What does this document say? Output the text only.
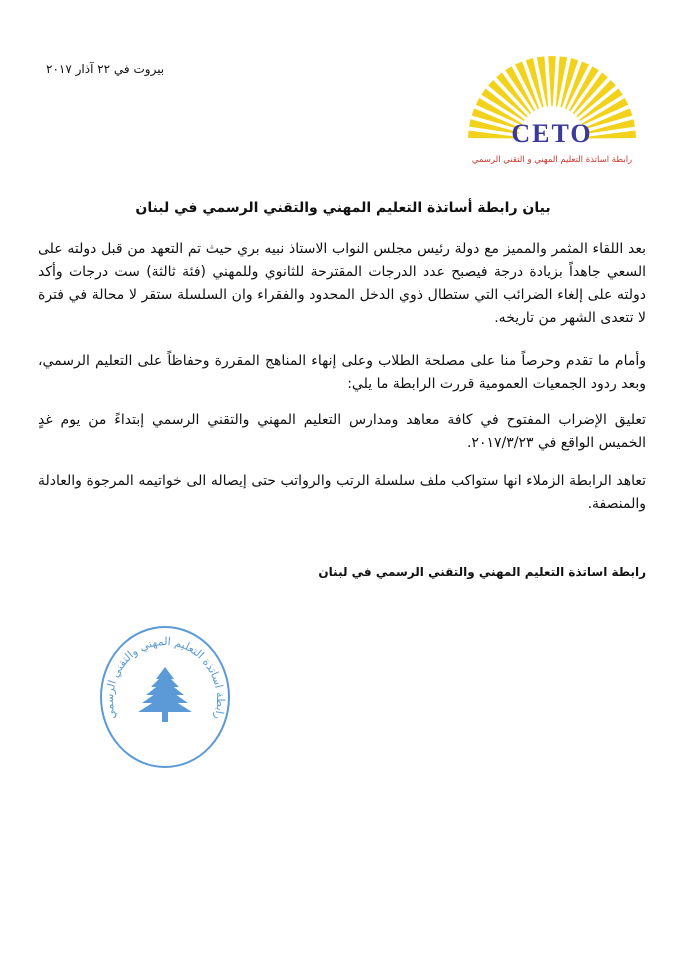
بيروت في ٢٢ آذار ٢٠١٧
CETO
رابطة اساتذة التعليم المهني و التقني الرسمي
بيان رابطة أساتذة التعليم المهني والتقني الرسمي في لبنان
بعد اللقاء المثمر والمميز مع دولة رئيس مجلس النواب الاستاذ نبيه بري حيث تم التعهد من قبل دولته على السعي جاهداً بزيادة درجة فيصبح عدد الدرجات المقترحة للثانوي وللمهني (فئة ثالثة) ست درجات وأكد دولته على إلغاء الضرائب التي ستطال ذوي الدخل المحدود والفقراء وان السلسلة ستقر لا محالة في فترة لا تتعدى الشهر من تاريخه.
وأمام ما تقدم وحرصاً منا على مصلحة الطلاب وعلى إنهاء المناهج المقررة وحفاظاً على التعليم الرسمي، وبعد ردود الجمعيات العمومية قررت الرابطة ما يلي:
تعليق الإضراب المفتوح في كافة معاهد ومدارس التعليم المهني والتقني الرسمي إبتداءً من يوم غدٍ الخميس الواقع في ٢٠١٧/٣/٢٣.
تعاهد الرابطة الزملاء انها ستواكب ملف سلسلة الرتب والرواتب حتى إيصاله الى خواتيمه المرجوة والعادلة والمنصفة.
رابطة اساتذة التعليم المهني والتقني الرسمي في لبنان
رابطة اساتذة التعليم المهني والتقني الرسمي
